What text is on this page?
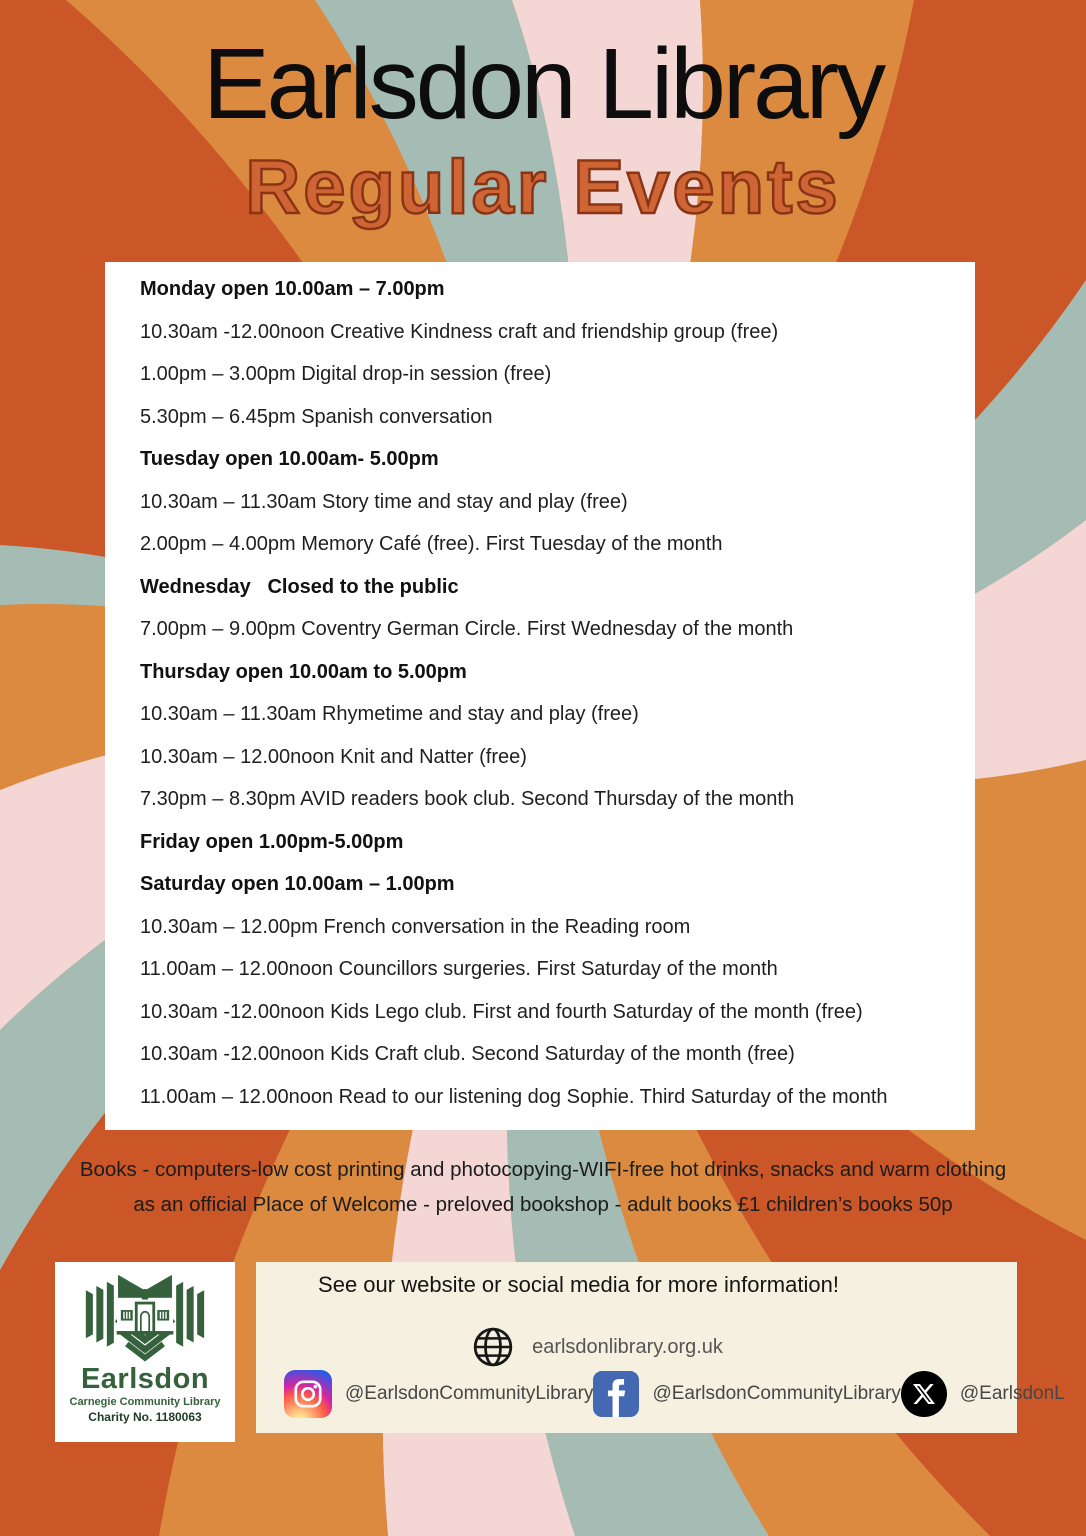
Earlsdon Library
Regular Events
Monday open 10.00am – 7.00pm
10.30am -12.00noon Creative Kindness craft and friendship group (free)
1.00pm – 3.00pm Digital drop-in session (free)
5.30pm – 6.45pm Spanish conversation
Tuesday open 10.00am- 5.00pm
10.30am – 11.30am Story time and stay and play (free)
2.00pm – 4.00pm Memory Café (free). First Tuesday of the month
Wednesday   Closed to the public
7.00pm – 9.00pm Coventry German Circle. First Wednesday of the month
Thursday open 10.00am to 5.00pm
10.30am – 11.30am Rhymetime and stay and play (free)
10.30am – 12.00noon Knit and Natter (free)
7.30pm – 8.30pm AVID readers book club. Second Thursday of the month
Friday open 1.00pm-5.00pm
Saturday open 10.00am – 1.00pm
10.30am – 12.00pm French conversation in the Reading room
11.00am – 12.00noon Councillors surgeries. First Saturday of the month
10.30am -12.00noon Kids Lego club. First and fourth Saturday of the month (free)
10.30am -12.00noon Kids Craft club. Second Saturday of the month (free)
11.00am – 12.00noon Read to our listening dog Sophie. Third Saturday of the month
Books - computers-low cost printing and photocopying-WIFI-free hot drinks, snacks and warm clothing
as an official Place of Welcome - preloved bookshop - adult books £1 children’s books 50p
Earlsdon
Carnegie Community Library
Charity No. 1180063
See our website or social media for more information!
earlsdonlibrary.org.uk
@EarlsdonCommunityLibrary	@EarlsdonCommunityLibrary	@EarlsdonL
